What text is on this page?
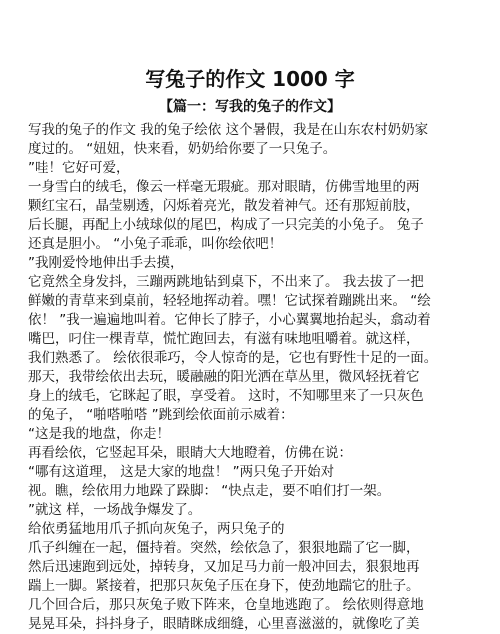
写兔子的作文 1000 字
【篇一：写我的兔子的作文】
写我的兔子的作文 我的兔子绘依 这个暑假，我是在山东农村奶奶家
度过的。 “妞妞，快来看，奶奶给你要了一只兔子。
”哇！它好可爱，
一身雪白的绒毛，像云一样毫无瑕疵。那对眼睛，仿佛雪地里的两
颗红宝石，晶莹剔透，闪烁着亮光，散发着神气。还有那短前肢，
后长腿，再配上小绒球似的尾巴，构成了一只完美的小兔子。 兔子
还真是胆小。 “小兔子乖乖，叫你绘依吧！
”我刚爱怜地伸出手去摸，
它竟然全身发抖，三蹦两跳地钻到桌下，不出来了。 我去拔了一把
鲜嫩的青草来到桌前，轻轻地挥动着。嘿！它试探着蹦跳出来。 “绘
依！ ”我一遍遍地叫着。它伸长了脖子，小心翼翼地抬起头，翕动着
嘴巴，叼住一棵青草，慌忙跑回去，有滋有味地咀嚼着。就这样，
我们熟悉了。 绘依很乖巧，令人惊奇的是，它也有野性十足的一面。
那天，我带绘依出去玩，暖融融的阳光洒在草丛里，微风轻抚着它
身上的绒毛，它眯起了眼，享受着。 这时，不知哪里来了一只灰色
的兔子， “啪嗒啪嗒 ”跳到绘依面前示威着：
“这是我的地盘，你走！
再看绘依，它竖起耳朵，眼睛大大地瞪着，仿佛在说：
“哪有这道理， 这是大家的地盘！ ”两只兔子开始对
视。瞧，绘依用力地跺了跺脚： “快点走，要不咱们打一架。
”就这 样，一场战争爆发了。
给依勇猛地用爪子抓向灰兔子，两只兔子的
爪子纠缠在一起，僵持着。突然，绘依急了，狠狠地踹了它一脚，
然后迅速跑到远处，掉转身，又加足马力前一般冲回去，狠狠地再
踹上一脚。紧接着，把那只灰兔子压在身下，使劲地踹它的肚子。
几个回合后，那只灰兔子败下阵来，仓皇地逃跑了。 绘依则得意地
晃晃耳朵，抖抖身子，眼睛眯成细缝，心里喜滋滋的，就像吃了美
